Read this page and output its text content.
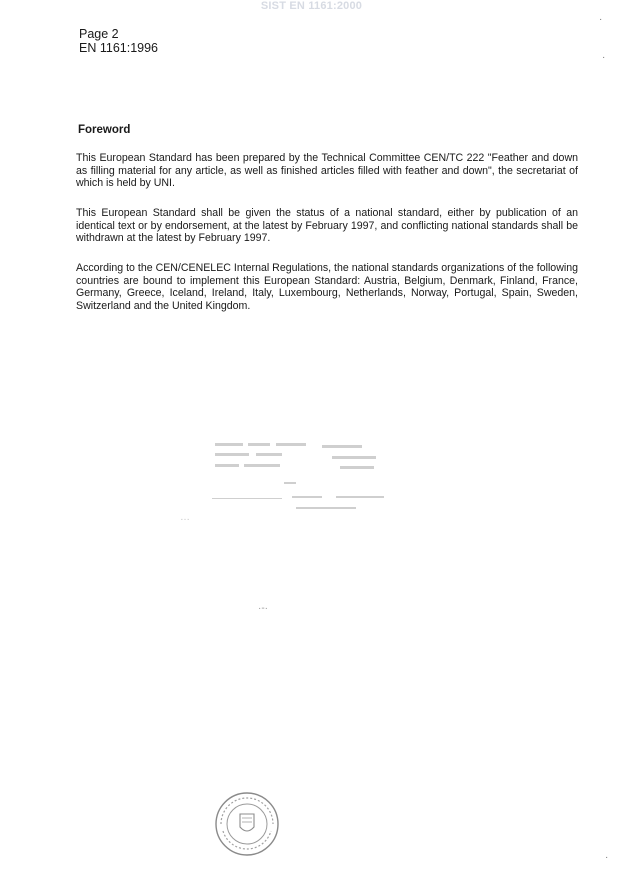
SIST EN 1161:2000
·
·
Page 2
EN 1161:1996
Foreword

This European Standard has been prepared by the Technical Committee CEN/TC 222 "Feather and down as filling material for any article, as well as finished articles filled with feather and down", the secretariat of which is held by UNI.

This European Standard shall be given the status of a national standard, either by publication of an identical text or by endorsement, at the latest by February 1997, and conflicting national standards shall be withdrawn at the latest by February 1997.

According to the CEN/CENELEC Internal Regulations, the national standards organizations of the following countries are bound to implement this European Standard: Austria, Belgium, Denmark, Finland, France, Germany, Greece, Iceland, Ireland, Italy, Luxembourg, Netherlands, Norway, Portugal, Spain, Sweden, Switzerland and the United Kingdom.

…
·-·
·
